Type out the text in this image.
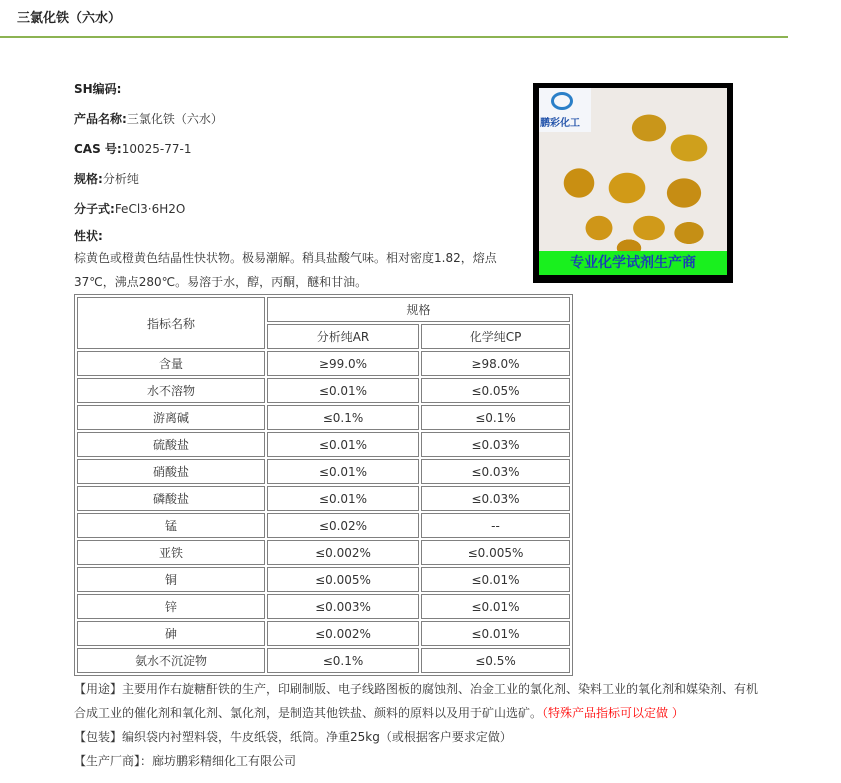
三氯化铁（六水）
SH编码:
产品名称:三氯化铁（六水）
CAS 号:10025-77-1
规格:分析纯
分子式:FeCl3·6H2O
性状:
棕黄色或橙黄色结晶性快状物。极易潮解。稍具盐酸气味。相对密度1.82，熔点
37℃，沸点280℃。易溶于水，醇，丙酮，醚和甘油。
鹏彩化工
专业化学试剂生产商
指标名称	规格	
	分析纯AR	化学纯CP
含量	≥99.0%	≥98.0%
水不溶物	≤0.01%	≤0.05%
游离碱	≤0.1%	≤0.1%
硫酸盐	≤0.01%	≤0.03%
硝酸盐	≤0.01%	≤0.03%
磷酸盐	≤0.01%	≤0.03%
锰	≤0.02%	--
亚铁	≤0.002%	≤0.005%
铜	≤0.005%	≤0.01%
锌	≤0.003%	≤0.01%
砷	≤0.002%	≤0.01%
氨水不沉淀物	≤0.1%	≤0.5%
【用途】主要用作右旋糖酐铁的生产，印刷制版、电子线路图板的腐蚀剂、冶金工业的氯化剂、染料工业的氧化剂和媒染剂、有机
合成工业的催化剂和氧化剂、氯化剂，是制造其他铁盐、颜料的原料以及用于矿山选矿。（特殊产品指标可以定做 ）
【包装】编织袋内衬塑料袋，牛皮纸袋，纸筒。净重25kg（或根据客户要求定做）
【生产厂商】：廊坊鹏彩精细化工有限公司
